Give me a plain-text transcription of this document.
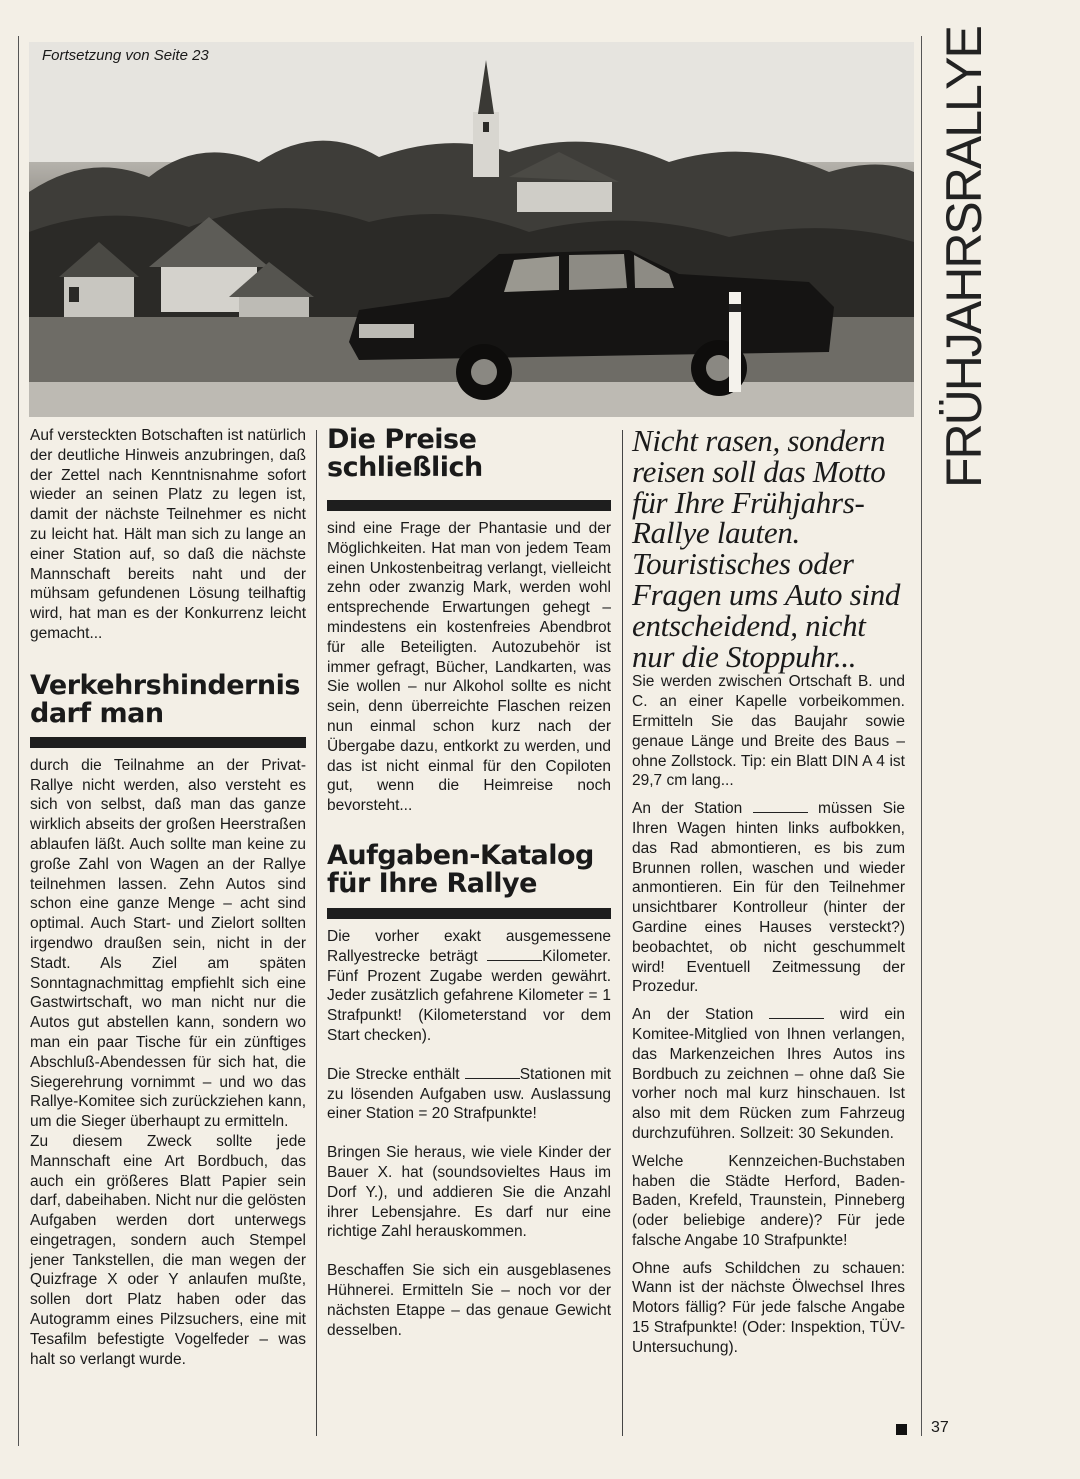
Fortsetzung von Seite 23	FRÜHJAHRSRALLYE

Auf versteckten Botschaften ist natürlich der deutliche Hinweis anzubringen, daß der Zettel nach Kenntnisnahme sofort wieder an seinen Platz zu legen ist, damit der nächste Teilnehmer es nicht zu leicht hat. Hält man sich zu lange an einer Station auf, so daß die nächste Mannschaft bereits naht und der mühsam gefundenen Lösung teilhaftig wird, hat man es der Konkurrenz leicht gemacht...

Verkehrshindernis darf man

durch die Teilnahme an der Privat-Rallye nicht werden, also versteht es sich von selbst, daß man das ganze wirklich abseits der großen Heerstraßen ablaufen läßt. Auch sollte man keine zu große Zahl von Wagen an der Rallye teilnehmen lassen. Zehn Autos sind schon eine ganze Menge – acht sind optimal. Auch Start- und Zielort sollten irgendwo draußen sein, nicht in der Stadt. Als Ziel am späten Sonntagnachmittag empfiehlt sich eine Gastwirtschaft, wo man nicht nur die Autos gut abstellen kann, sondern wo man ein paar Tische für ein zünftiges Abschluß-Abendessen für sich hat, die Siegerehrung vornimmt – und wo das Rallye-Komitee sich zurückziehen kann, um die Sieger überhaupt zu ermitteln.

Zu diesem Zweck sollte jede Mannschaft eine Art Bordbuch, das auch ein größeres Blatt Papier sein darf, dabeihaben. Nicht nur die gelösten Aufgaben werden dort unterwegs eingetragen, sondern auch Stempel jener Tankstellen, die man wegen der Quizfrage X oder Y anlaufen mußte, sollen dort Platz haben oder das Autogramm eines Pilzsuchers, eine mit Tesafilm befestigte Vogelfeder – was halt so verlangt wurde.

Die Preise schließlich

sind eine Frage der Phantasie und der Möglichkeiten. Hat man von jedem Team einen Unkostenbeitrag verlangt, vielleicht zehn oder zwanzig Mark, werden wohl entsprechende Erwartungen gehegt – mindestens ein kostenfreies Abendbrot für alle Beteiligten. Autozubehör ist immer gefragt, Bücher, Landkarten, was Sie wollen – nur Alkohol sollte es nicht sein, denn überreichte Flaschen reizen nun einmal schon kurz nach der Übergabe dazu, entkorkt zu werden, und das ist nicht einmal für den Copiloten gut, wenn die Heimreise noch bevorsteht...

Aufgaben-Katalog für Ihre Rallye

Die vorher exakt ausgemessene Rallyestrecke beträgt	Kilometer. Fünf Prozent Zugabe werden gewährt. Jeder zusätzlich gefahrene Kilometer = 1 Strafpunkt! (Kilometerstand vor dem Start checken).

Die Strecke enthält	Stationen mit zu lösenden Aufgaben usw. Auslassung einer Station = 20 Strafpunkte!

Bringen Sie heraus, wie viele Kinder der Bauer X. hat (soundsovieltes Haus im Dorf Y.), und addieren Sie die Anzahl ihrer Lebensjahre. Es darf nur eine richtige Zahl herauskommen.

Beschaffen Sie sich ein ausgeblasenes Hühnerei. Ermitteln Sie – noch vor der nächsten Etappe – das genaue Gewicht desselben.

Nicht rasen, sondern reisen soll das Motto für Ihre Frühjahrs-Rallye lauten. Touristisches oder Fragen ums Auto sind entscheidend, nicht nur die Stoppuhr...

Sie werden zwischen Ortschaft B. und C. an einer Kapelle vorbeikommen. Ermitteln Sie das Baujahr sowie genaue Länge und Breite des Baus – ohne Zollstock. Tip: ein Blatt DIN A 4 ist 29,7 cm lang...

An der Station	müssen Sie Ihren Wagen hinten links aufbokken, das Rad abmontieren, es bis zum Brunnen rollen, waschen und wieder anmontieren. Ein für den Teilnehmer unsichtbarer Kontrolleur (hinter der Gardine eines Hauses versteckt?) beobachtet, ob nicht geschummelt wird! Eventuell Zeitmessung der Prozedur.

An der Station	wird ein Komitee-Mitglied von Ihnen verlangen, das Markenzeichen Ihres Autos ins Bordbuch zu zeichnen – ohne daß Sie vorher noch mal kurz hinschauen. Ist also mit dem Rücken zum Fahrzeug durchzuführen. Sollzeit: 30 Sekunden.

Welche Kennzeichen-Buchstaben haben die Städte Herford, Baden-Baden, Krefeld, Traunstein, Pinneberg (oder beliebige andere)? Für jede falsche Angabe 10 Strafpunkte!

Ohne aufs Schildchen zu schauen: Wann ist der nächste Ölwechsel Ihres Motors fällig? Für jede falsche Angabe 15 Strafpunkte! (Oder: Inspektion, TÜV-Untersuchung).

37
